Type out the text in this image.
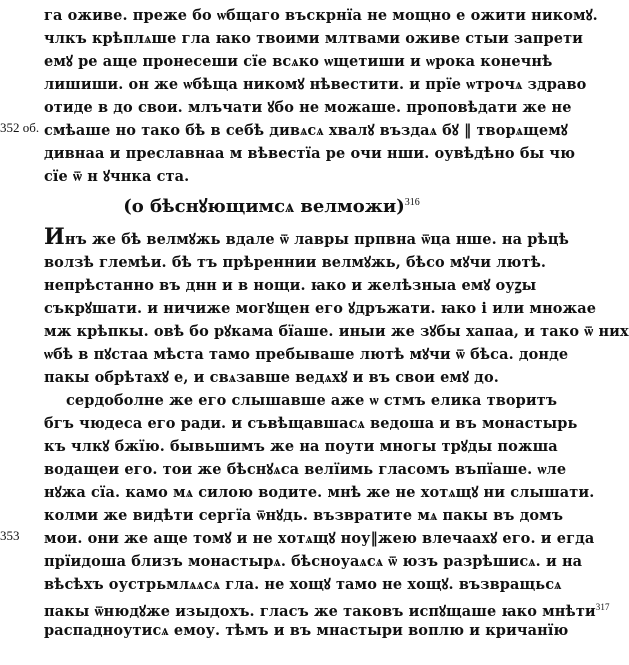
га оживе. преже бо ѡбщаго въскрнїа не мощно е ожити никомꙋ.
члкъ крѣплѧше гла ꙗко твоими млтвами оживе стыи запрети
емꙋ ре аще пронесеши сїе всѧко ѡщетиши и ѡрока конечнѣ
лишиши. он же ѡбѣща никомꙋ нѣвестити. и прїе ѡтрочѧ здраво
отиде в до свои. млъчати ꙋбо не можаше. проповѣдати же не
смѣаше но тако бѣ в себѣ дивѧсѧ хвалꙋ въздаѧ бꙋ ‖ творѧщемꙋ
352 об.
дивнаа и преславнаа м вѣвестїа ре очи нши. оувѣдѣно бы чю
сїе ѿ н ꙋчнка ста.
(о бѣснꙋющимсѧ велможи)$^{316}$
Инъ же бѣ велмꙋжь вдале ѿ лавры прпвна ѿца нше. на рѣцѣ
волзѣ глемѣи. бѣ тъ прѣреннии велмꙋжь, бѣсо мꙋчи лютѣ.
непрѣстанно въ днн и в нощи. ꙗко и желѣзныа емꙋ оуꙁы
съкрꙋшати. и ничиже могꙋщен его ꙋдръжати. ꙗко і или множае
мж крѣпкы. овѣ бо рꙋкама бїаше. иныи же зꙋбы хапаа, и тако ѿ них
ѡбѣ в пꙋстаа мѣста тамо пребываше лютѣ мꙋчи ѿ бѣса. донде
пакы обрѣтахꙋ е, и свѧзавше ведѧхꙋ и въ свои емꙋ до.
сердоболне же его слышавше аже ѡ стмъ елика творитъ
бгъ чюдеса его ради. и съвѣщавшасѧ ведоша и въ монастырь
къ члкꙋ бжїю. бывьшимъ же на поути многы трꙋды пожша
водащеи его. тои же бѣснꙋѧса велїимь гласомъ въпїаше. ѡле
нꙋжа сїа. камо мѧ силою водите. мнѣ же не хотѧщꙋ ни слышати.
колми же видѣти сергїа ѿнꙋдь. възвратите мѧ пакы въ домъ
мои. они же аще томꙋ и не хотѧщꙋ ноу‖жею влечаахꙋ его. и егда
353
прїидоша близъ монастырѧ. бѣсноуаѧсѧ ѿ юзъ разрѣшисѧ. и на
вѣсѣхъ оустрьмлѧѧсѧ гла. не хощꙋ тамо не хощꙋ. възвращьсѧ
пакы ѿнюдꙋже изыдохъ. гласъ же таковъ испꙋщаше ꙗко мнѣти$^{317}$
распадноутисѧ емоу. тѣмъ и въ мнастыри воплю и кричанїю
